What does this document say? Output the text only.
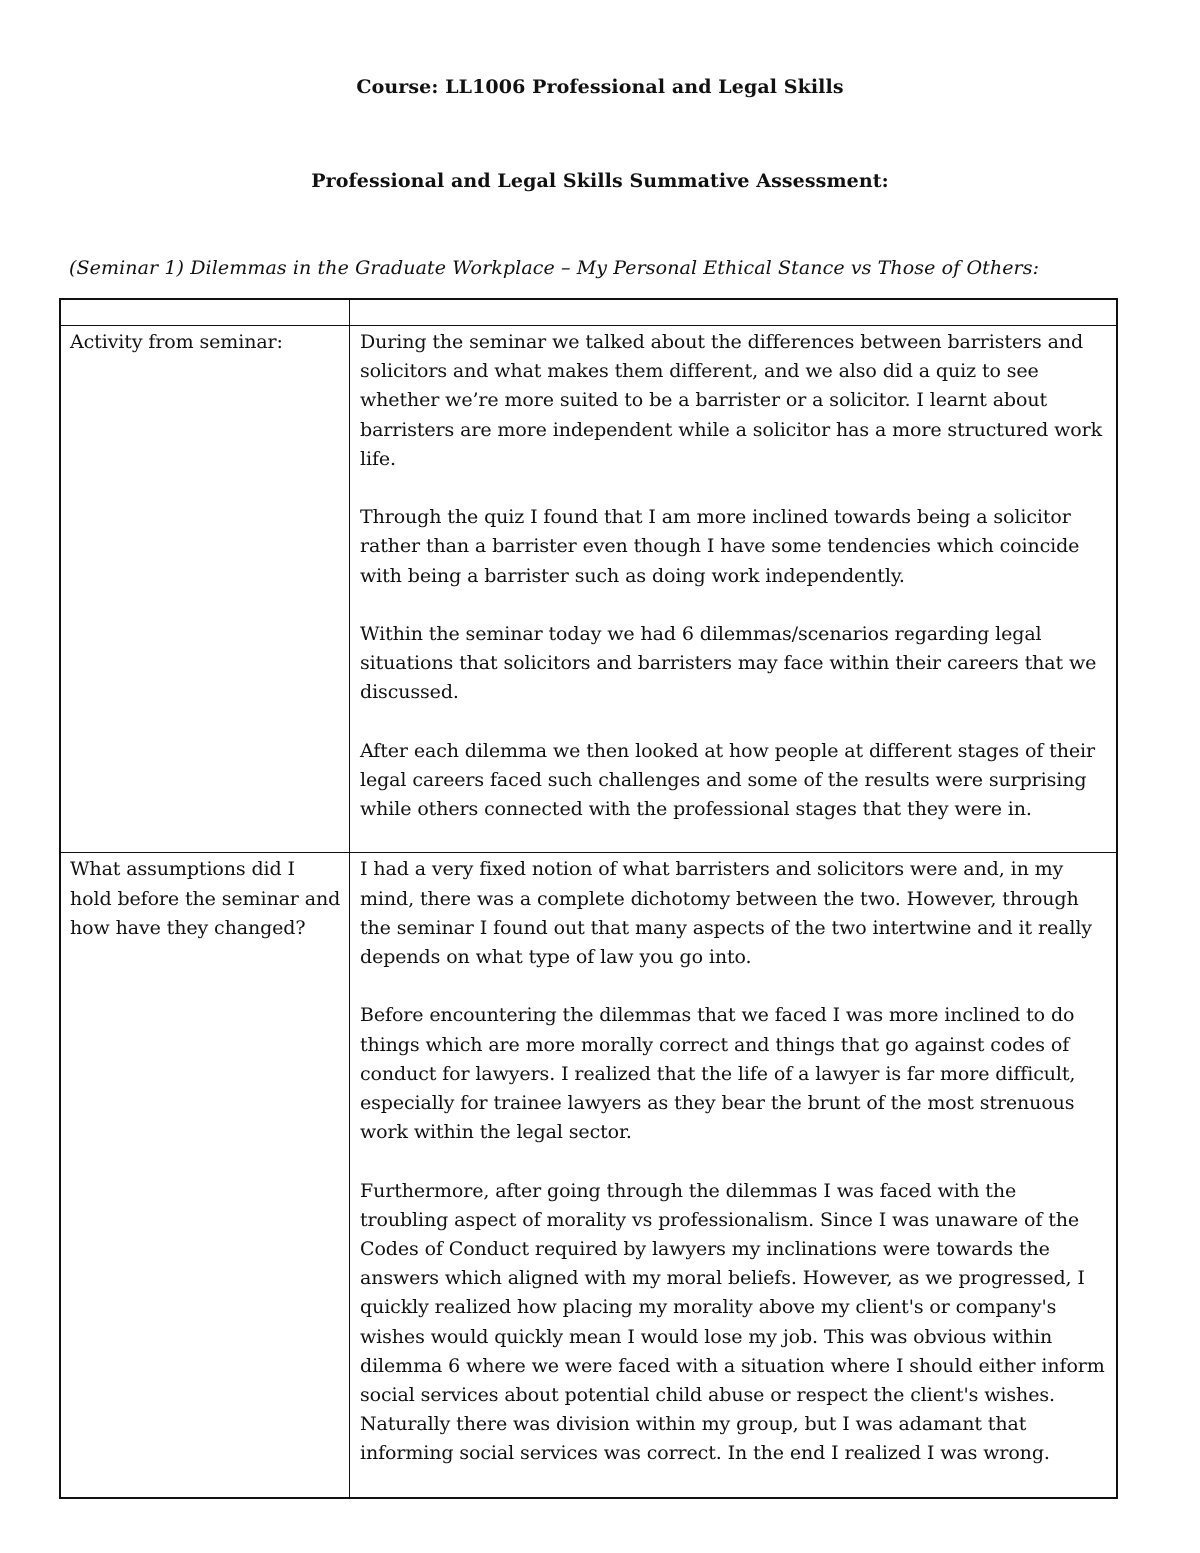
Course: LL1006 Professional and Legal Skills
Professional and Legal Skills Summative Assessment:
(Seminar 1) Dilemmas in the Graduate Workplace – My Personal Ethical Stance vs Those of Others:

Activity from seminar:	During the seminar we talked about the differences between barristers and solicitors and what makes them different, and we also did a quiz to see whether we’re more suited to be a barrister or a solicitor. I learnt about barristers are more independent while a solicitor has a more structured work life.

Through the quiz I found that I am more inclined towards being a solicitor rather than a barrister even though I have some tendencies which coincide with being a barrister such as doing work independently.

Within the seminar today we had 6 dilemmas/scenarios regarding legal situations that solicitors and barristers may face within their careers that we discussed.

After each dilemma we then looked at how people at different stages of their legal careers faced such challenges and some of the results were surprising while others connected with the professional stages that they were in.

What assumptions did I hold before the seminar and how have they changed?	I had a very fixed notion of what barristers and solicitors were and, in my mind, there was a complete dichotomy between the two. However, through the seminar I found out that many aspects of the two intertwine and it really depends on what type of law you go into.

Before encountering the dilemmas that we faced I was more inclined to do things which are more morally correct and things that go against codes of conduct for lawyers. I realized that the life of a lawyer is far more difficult, especially for trainee lawyers as they bear the brunt of the most strenuous work within the legal sector.

Furthermore, after going through the dilemmas I was faced with the troubling aspect of morality vs professionalism. Since I was unaware of the Codes of Conduct required by lawyers my inclinations were towards the answers which aligned with my moral beliefs. However, as we progressed, I quickly realized how placing my morality above my client's or company's wishes would quickly mean I would lose my job. This was obvious within dilemma 6 where we were faced with a situation where I should either inform social services about potential child abuse or respect the client's wishes. Naturally there was division within my group, but I was adamant that informing social services was correct. In the end I realized I was wrong.
